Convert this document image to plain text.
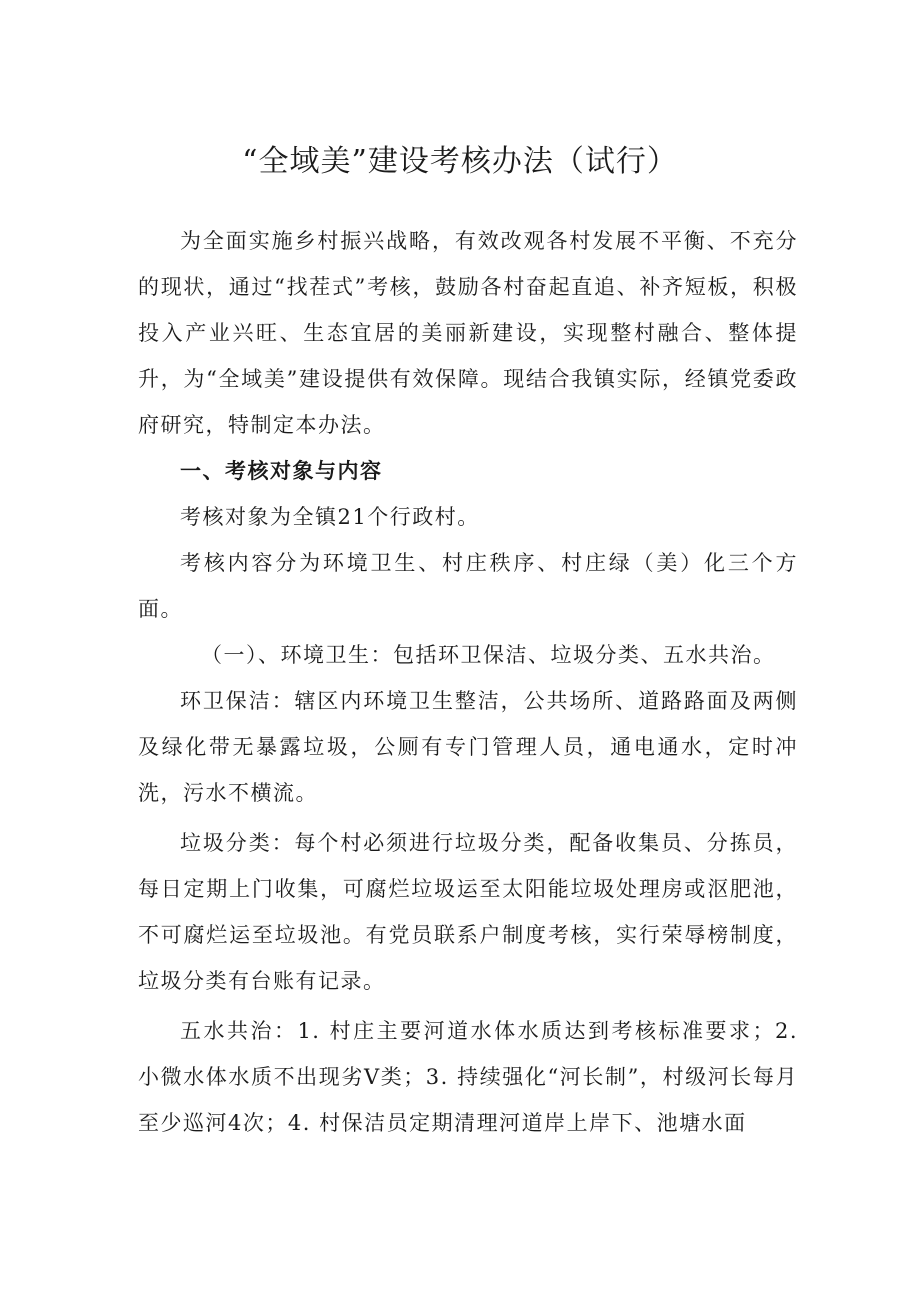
“全域美”建设考核办法（试行）

为全面实施乡村振兴战略，有效改观各村发展不平衡、不充分的现状，通过“找茬式”考核，鼓励各村奋起直追、补齐短板，积极投入产业兴旺、生态宜居的美丽新建设，实现整村融合、整体提升，为“全域美”建设提供有效保障。现结合我镇实际，经镇党委政府研究，特制定本办法。

一、考核对象与内容

考核对象为全镇21个行政村。

考核内容分为环境卫生、村庄秩序、村庄绿（美）化三个方面。

（一）、环境卫生：包括环卫保洁、垃圾分类、五水共治。

环卫保洁：辖区内环境卫生整洁，公共场所、道路路面及两侧及绿化带无暴露垃圾，公厕有专门管理人员，通电通水，定时冲洗，污水不横流。

垃圾分类：每个村必须进行垃圾分类，配备收集员、分拣员，每日定期上门收集，可腐烂垃圾运至太阳能垃圾处理房或沤肥池，不可腐烂运至垃圾池。有党员联系户制度考核，实行荣辱榜制度，垃圾分类有台账有记录。

五水共治：1. 村庄主要河道水体水质达到考核标准要求；2. 小微水体水质不出现劣Ⅴ类；3. 持续强化“河长制”，村级河长每月至少巡河4次；4. 村保洁员定期清理河道岸上岸下、池塘水面
